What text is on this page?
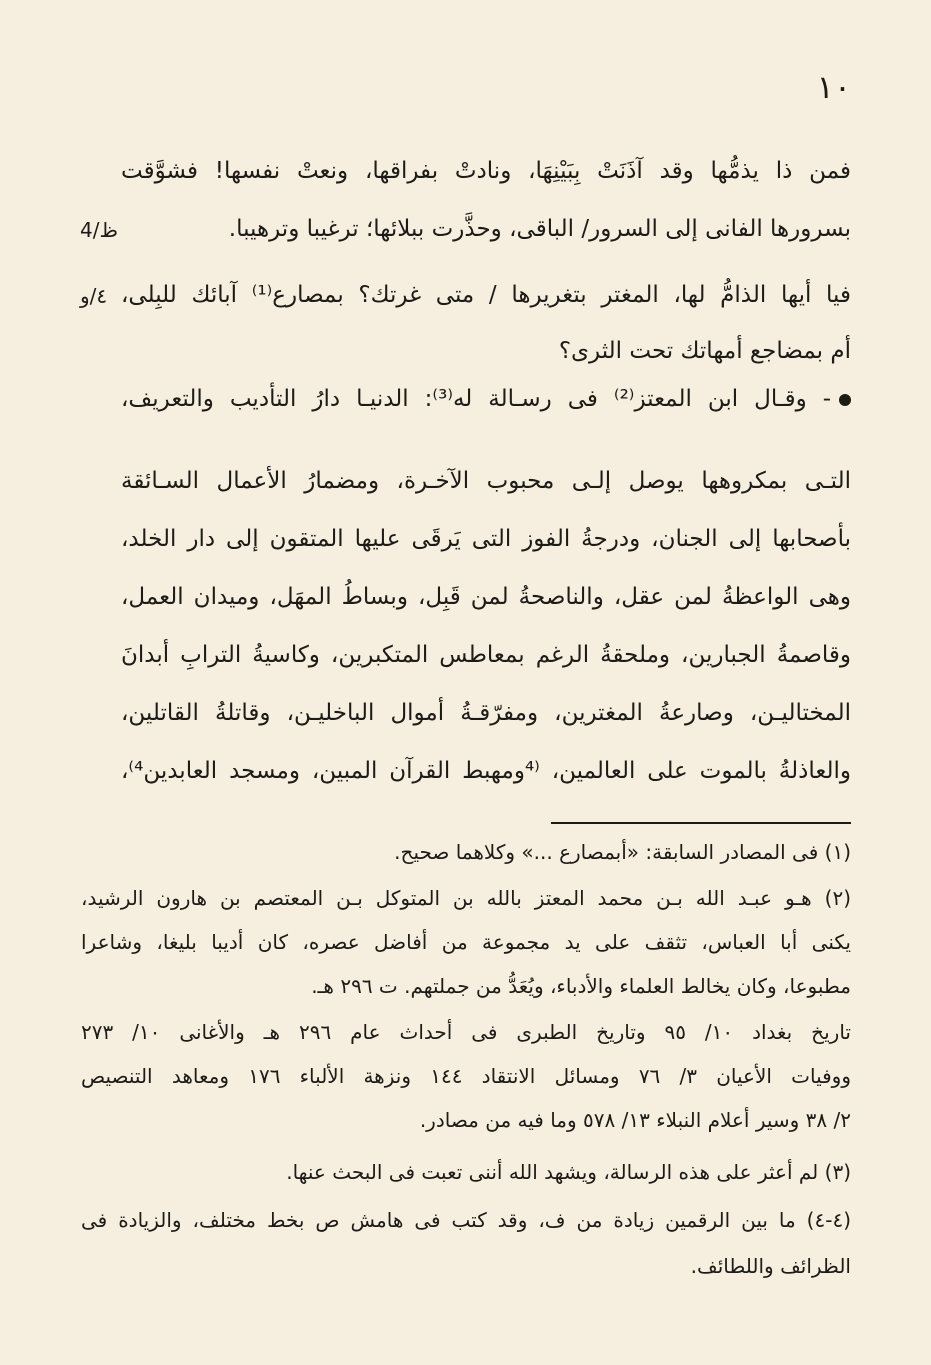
١٠
فمن ذا يذمُّها وقد آذَنَتْ بِبَيْنِهَا، ونادتْ بفراقها، ونعتْ نفسها! فشوَّقت
4/ظ	بسرورها الفانى إلى السرور/ الباقى، وحذَّرت ببلائها؛ ترغيبا وترهيبا.
٤/و فيا أيها الذامُّ لها، المغتر بتغريرها / متى غرتك؟ بمصارع⁽¹⁾ آبائك للبِلى،
أم بمضاجع أمهاتك تحت الثرى؟
- وقـال ابن المعتز⁽²⁾ فى رسـالة له⁽³⁾: الدنيـا دارُ التأديب والتعريف،
التـى بمكروهها يوصل إلـى محبوب الآخـرة، ومضمارُ الأعمال السـائقة
بأصحابها إلى الجنان، ودرجةُ الفوز التى يَرقَى عليها المتقون إلى دار الخلد،
وهى الواعظةُ لمن عقل، والناصحةُ لمن قَبِل، وبساطُ المهَل، وميدان العمل،
وقاصمةُ الجبارين، وملحقةُ الرغم بمعاطس المتكبرين، وكاسيةُ الترابِ أبدانَ
المختاليـن، وصارعةُ المغترين، ومفرّقـةُ أموال الباخليـن، وقاتلةُ القاتلين،
والعاذلةُ بالموت على العالمين، ⁽⁴ومهبط القرآن المبين، ومسجد العابدين⁴⁾،
(١) فى المصادر السابقة: «أبمصارع ...» وكلاهما صحيح.
(٢) هـو عبـد الله بـن محمد المعتز بالله بن المتوكل بـن المعتصم بن هارون الرشيد،
يكنى أبا العباس، تثقف على يد مجموعة من أفاضل عصره، كان أديبا بليغا، وشاعرا
مطبوعا، وكان يخالط العلماء والأدباء، ويُعَدُّ من جملتهم. ت ٢٩٦ هـ.
تاريخ بغداد ١٠/ ٩٥ وتاريخ الطبرى فى أحداث عام ٢٩٦ هـ والأغانى ١٠/ ٢٧٣
ووفيات الأعيان ٣/ ٧٦ ومسائل الانتقاد ١٤٤ ونزهة الألباء ١٧٦ ومعاهد التنصيص
٢/ ٣٨ وسير أعلام النبلاء ١٣/ ٥٧٨ وما فيه من مصادر.
(٣) لم أعثر على هذه الرسالة، ويشهد الله أننى تعبت فى البحث عنها.
(٤-٤) ما بين الرقمين زيادة من ف، وقد كتب فى هامش ص بخط مختلف، والزيادة فى
الظرائف واللطائف.
